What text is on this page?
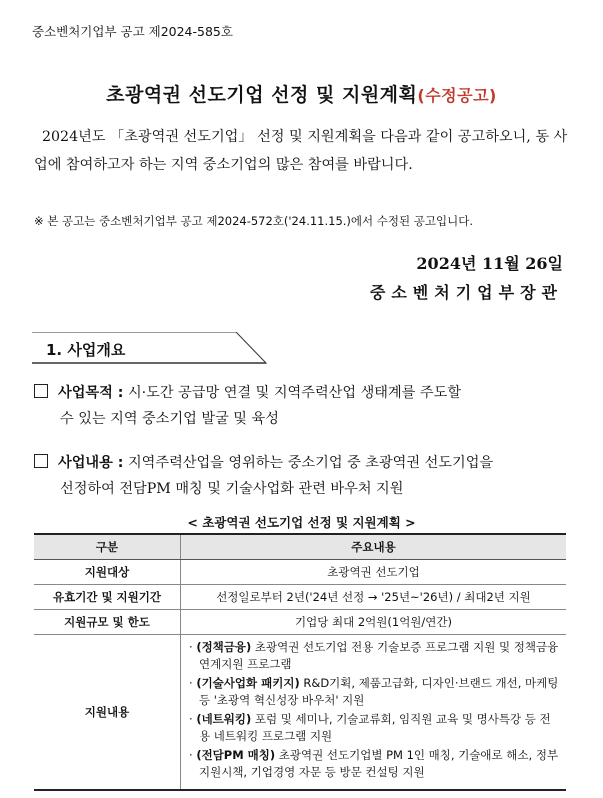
중소벤처기업부 공고 제2024-585호
초광역권 선도기업 선정 및 지원계획(수정공고)
2024년도 「초광역권 선도기업」 선정 및 지원계획을 다음과 같이 공고하오니, 동 사업에 참여하고자 하는 지역 중소기업의 많은 참여를 바랍니다.
※ 본 공고는 중소벤처기업부 공고 제2024-572호('24.11.15.)에서 수정된 공고입니다.
2024년 11월 26일
중소벤처기업부장관
1. 사업개요
사업목적 : 시·도간 공급망 연결 및 지역주력산업 생태계를 주도할
수 있는 지역 중소기업 발굴 및 육성
사업내용 : 지역주력산업을 영위하는 중소기업 중 초광역권 선도기업을
선정하여 전담PM 매칭 및 기술사업화 관련 바우처 지원
< 초광역권 선도기업 선정 및 지원계획 >
구분	주요내용
지원대상	초광역권 선도기업
유효기간 및 지원기간	선정일로부터 2년('24년 선정 → '25년~'26년) / 최대2년 지원
지원규모 및 한도	기업당 최대 2억원(1억원/연간)
지원내용	· (정책금융) 초광역권 선도기업 전용 기술보증 프로그램 지원 및 정책금융 연계지원 프로그램
· (기술사업화 패키지) R&D기획, 제품고급화, 디자인·브랜드 개선, 마케팅 등 '초광역 혁신성장 바우처' 지원
· (네트워킹) 포럼 및 세미나, 기술교류회, 임직원 교육 및 명사특강 등 전용 네트워킹 프로그램 지원
· (전담PM 매칭) 초광역권 선도기업별 PM 1인 매칭, 기술애로 해소, 정부지원시책, 기업경영 자문 등 방문 컨설팅 지원
